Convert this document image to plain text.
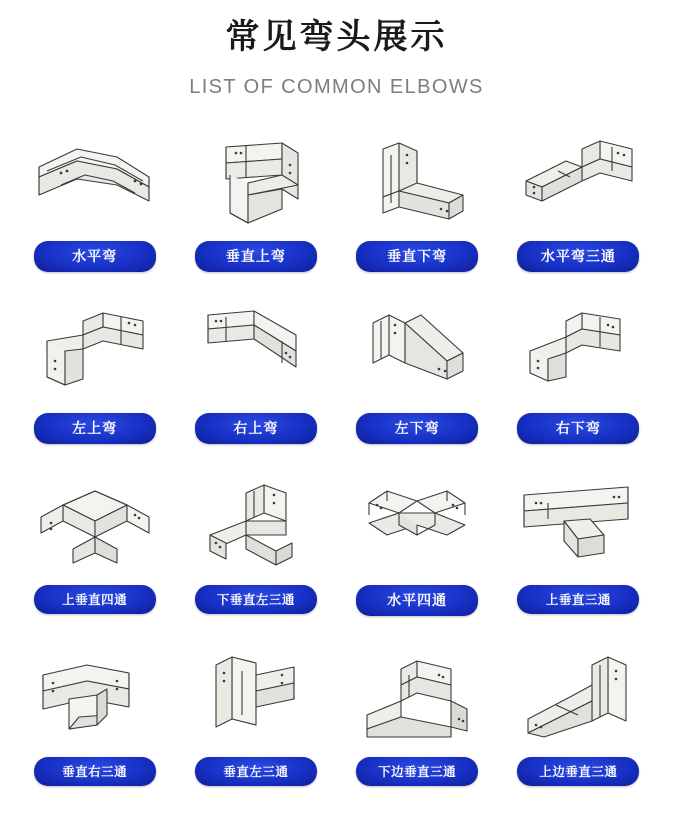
常见弯头展示
LIST OF COMMON ELBOWS
水平弯	垂直上弯	垂直下弯	水平弯三通
左上弯	右上弯	左下弯	右下弯
上垂直四通	下垂直左三通	水平四通	上垂直三通
垂直右三通	垂直左三通	下边垂直三通	上边垂直三通
